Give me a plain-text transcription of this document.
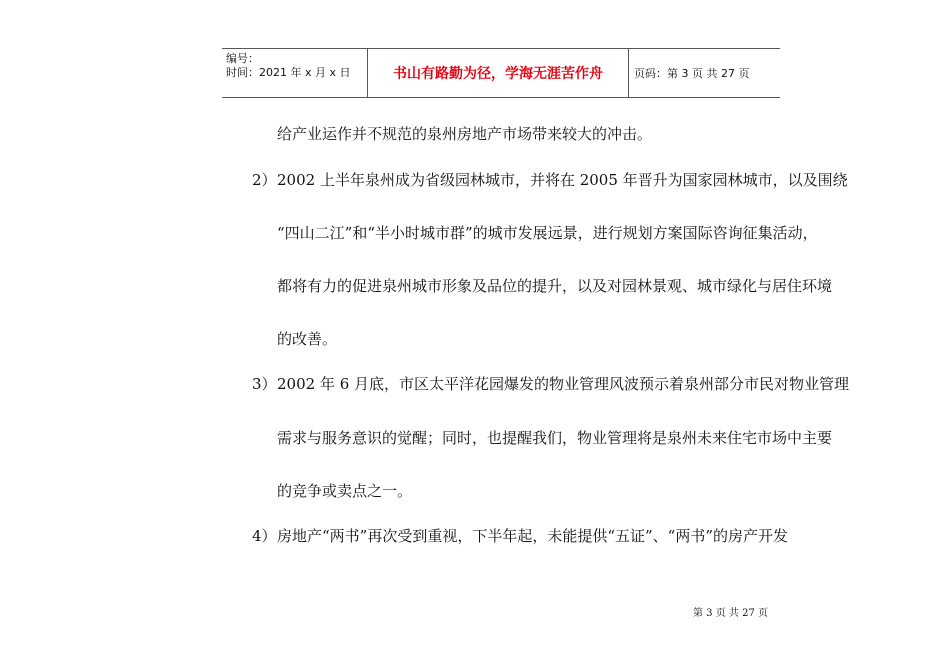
编号：
时间：2021 年 x 月 x 日	书山有路勤为径，学海无涯苦作舟	页码：第 3 页 共 27 页
给产业运作并不规范的泉州房地产市场带来较大的冲击。
2） 2002 上半年泉州成为省级园林城市，并将在 2005 年晋升为国家园林城市，以及围绕
“四山二江”和“半小时城市群”的城市发展远景，进行规划方案国际咨询征集活动，
都将有力的促进泉州城市形象及品位的提升，以及对园林景观、城市绿化与居住环境
的改善。
3） 2002 年 6 月底，市区太平洋花园爆发的物业管理风波预示着泉州部分市民对物业管理
需求与服务意识的觉醒；同时，也提醒我们，物业管理将是泉州未来住宅市场中主要
的竞争或卖点之一。
4） 房地产“两书”再次受到重视，下半年起，未能提供“五证”、“两书”的房产开发
第 3 页 共 27 页
